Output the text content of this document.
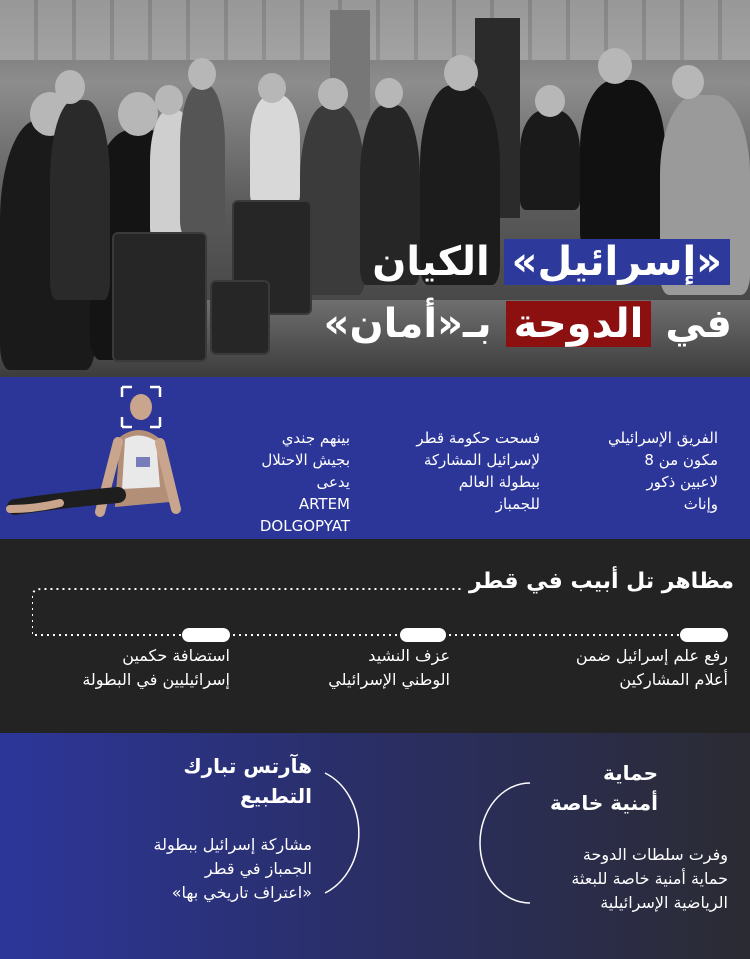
«إسرائيل» الكيان
في الدوحة بـ«أمان»
الفريق الإسرائيلي
مكون من 8
لاعبين ذكور
وإناث
فسحت حكومة قطر
لإسرائيل المشاركة
ببطولة العالم
للجمباز
بينهم جندي
بجيش الاحتلال
يدعى
ARTEM DOLGOPYAT
مظاهر تل أبيب في قطر
رفع علم إسرائيل ضمن
أعلام المشاركين
عزف النشيد
الوطني الإسرائيلي
استضافة حكمين
إسرائيليين في البطولة
حماية
أمنية خاصة
وفرت سلطات الدوحة
حماية أمنية خاصة للبعثة
الرياضية الإسرائيلية
هآرتس تبارك
التطبيع
مشاركة إسرائيل ببطولة
الجمباز في قطر
«اعتراف تاريخي بها»
